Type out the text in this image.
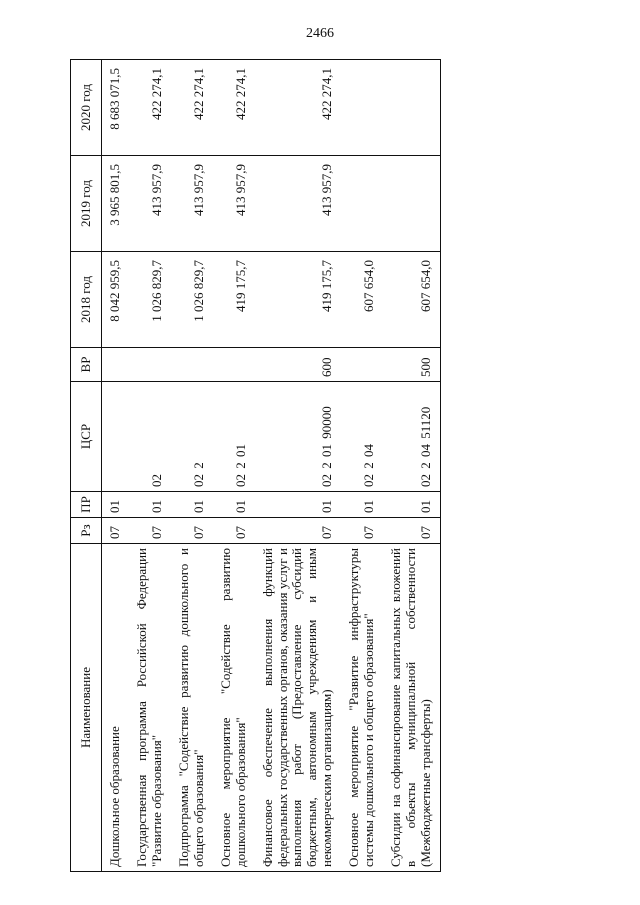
2466
Наименование	Рз	ПР	ЦСР	ВР	2018 год	2019 год	2020 год
Дошкольное образование	07	01			8 042 959,5	3 965 801,5	8 683 071,5
Государственная программа Российской Федерации "Развитие образования"	07	01	02		1 026 829,7	413 957,9	422 274,1
Подпрограмма "Содействие развитию дошкольного и общего образования"	07	01	02 2		1 026 829,7	413 957,9	422 274,1
Основное мероприятие "Содействие развитию дошкольного образования"	07	01	02 2 01		419 175,7	413 957,9	422 274,1
Финансовое обеспечение выполнения функций федеральных государственных органов, оказания услуг и выполнения работ (Предоставление субсидий бюджетным, автономным учреждениям и иным некоммерческим организациям)	07	01	02 2 01 90000	600	419 175,7	413 957,9	422 274,1
Основное мероприятие "Развитие инфраструктуры системы дошкольного и общего образования"	07	01	02 2 04		607 654,0		
Субсидии на софинансирование капитальных вложений в объекты муниципальной собственности (Межбюджетные трансферты)	07	01	02 2 04 51120	500	607 654,0		
